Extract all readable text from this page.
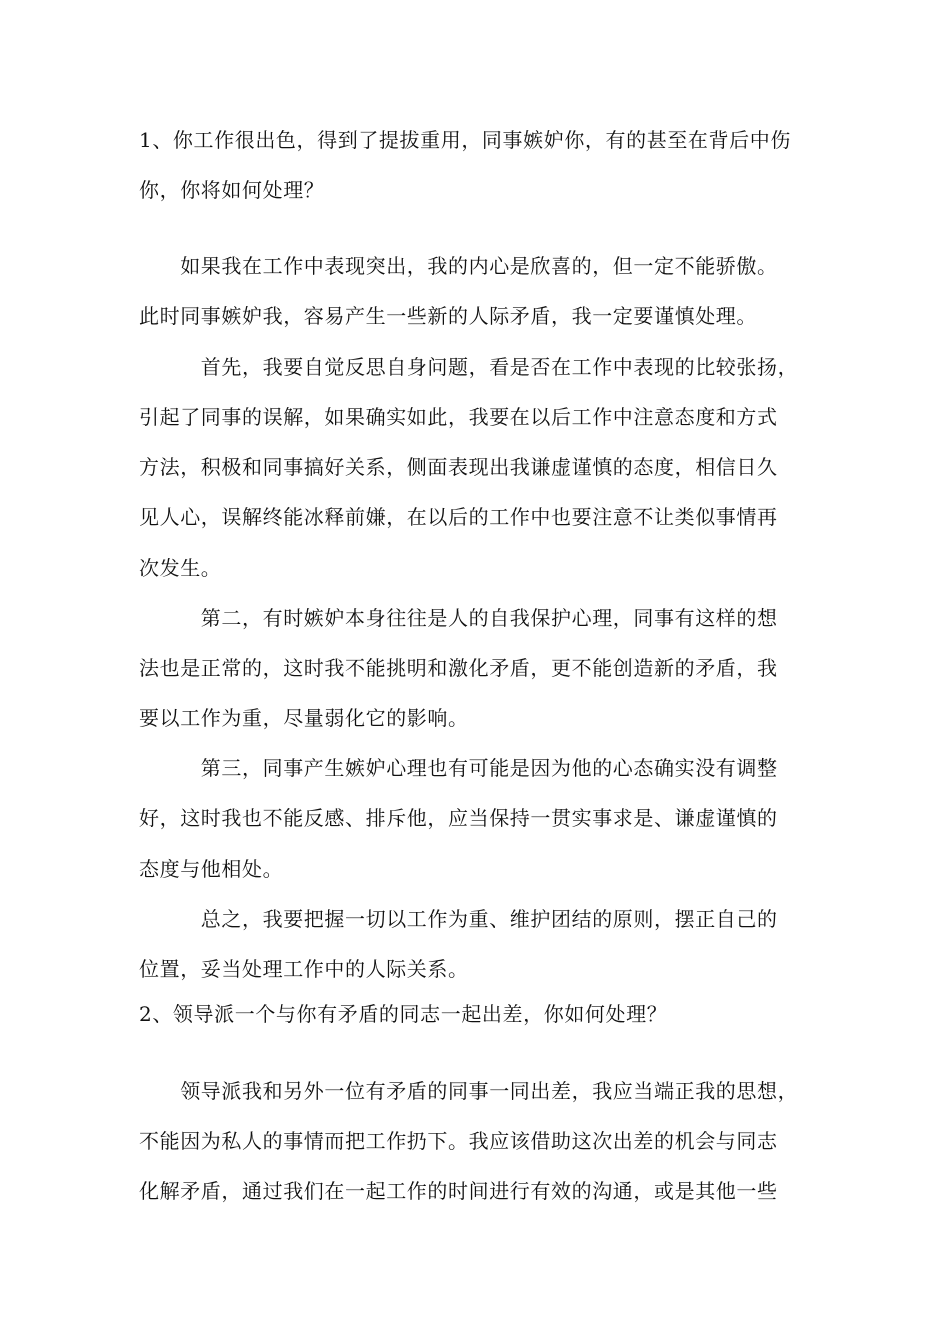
1、你工作很出色，得到了提拔重用，同事嫉妒你，有的甚至在背后中伤
你，你将如何处理？
　　如果我在工作中表现突出，我的内心是欣喜的，但一定不能骄傲。
此时同事嫉妒我，容易产生一些新的人际矛盾，我一定要谨慎处理。
　　　首先，我要自觉反思自身问题，看是否在工作中表现的比较张扬，
引起了同事的误解，如果确实如此，我要在以后工作中注意态度和方式
方法，积极和同事搞好关系，侧面表现出我谦虚谨慎的态度，相信日久
见人心，误解终能冰释前嫌，在以后的工作中也要注意不让类似事情再
次发生。
　　　第二，有时嫉妒本身往往是人的自我保护心理，同事有这样的想
法也是正常的，这时我不能挑明和激化矛盾，更不能创造新的矛盾，我
要以工作为重，尽量弱化它的影响。
　　　第三，同事产生嫉妒心理也有可能是因为他的心态确实没有调整
好，这时我也不能反感、排斥他，应当保持一贯实事求是、谦虚谨慎的
态度与他相处。
　　　总之，我要把握一切以工作为重、维护团结的原则，摆正自己的
位置，妥当处理工作中的人际关系。
2、领导派一个与你有矛盾的同志一起出差，你如何处理？
　　领导派我和另外一位有矛盾的同事一同出差，我应当端正我的思想，
不能因为私人的事情而把工作扔下。我应该借助这次出差的机会与同志
化解矛盾，通过我们在一起工作的时间进行有效的沟通，或是其他一些
